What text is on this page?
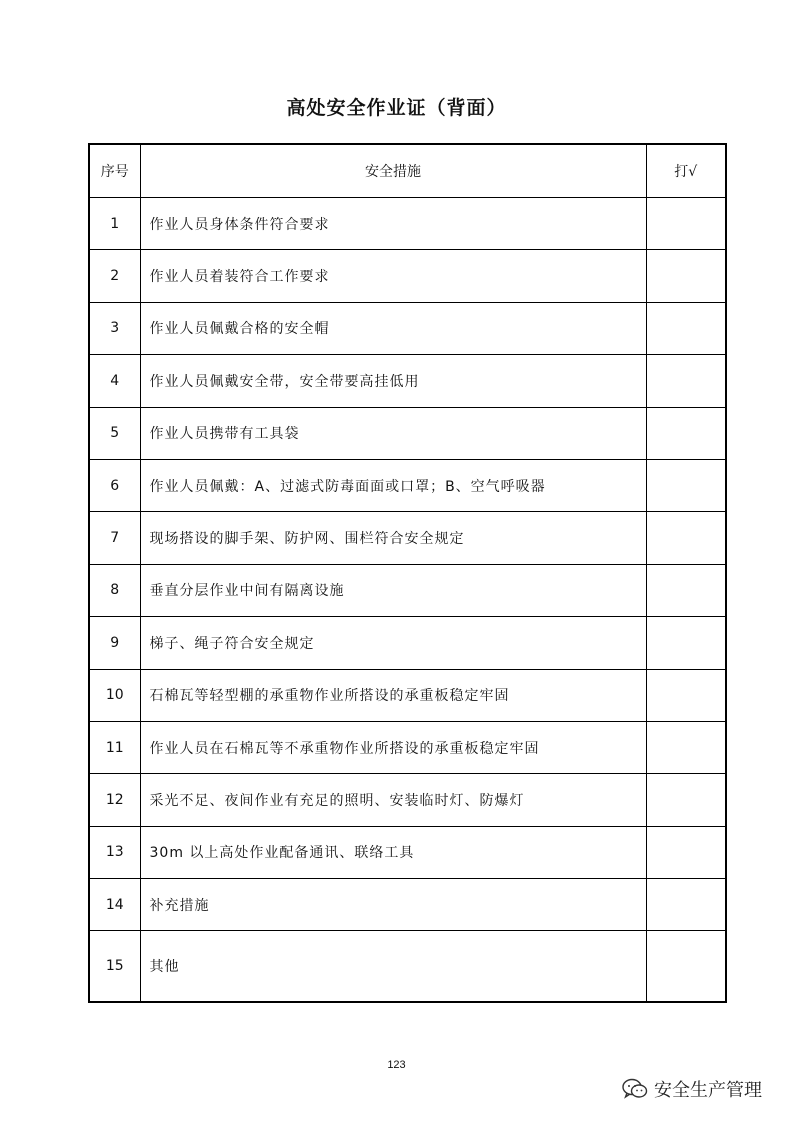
高处安全作业证（背面）
序号	安全措施	打√
1	作业人员身体条件符合要求	
2	作业人员着装符合工作要求	
3	作业人员佩戴合格的安全帽	
4	作业人员佩戴安全带，安全带要高挂低用	
5	作业人员携带有工具袋	
6	作业人员佩戴：A、过滤式防毒面面或口罩；B、空气呼吸器	
7	现场搭设的脚手架、防护网、围栏符合安全规定	
8	垂直分层作业中间有隔离设施	
9	梯子、绳子符合安全规定	
10	石棉瓦等轻型棚的承重物作业所搭设的承重板稳定牢固	
11	作业人员在石棉瓦等不承重物作业所搭设的承重板稳定牢固	
12	采光不足、夜间作业有充足的照明、安装临时灯、防爆灯	
13	30m 以上高处作业配备通讯、联络工具	
14	补充措施	
15	其他	
123
安全生产管理
